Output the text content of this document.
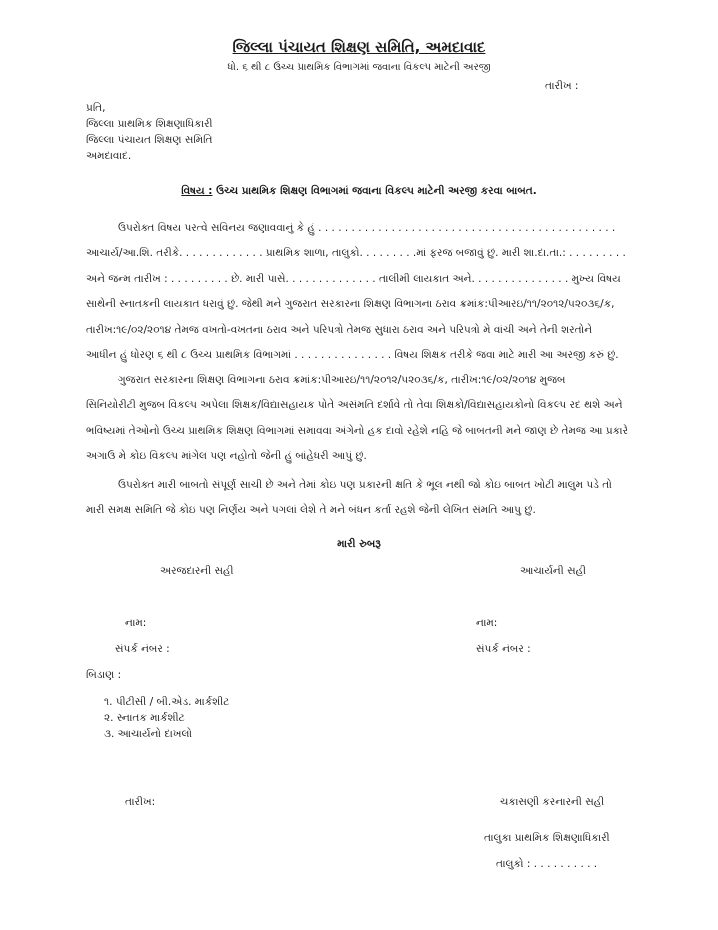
જિલ્લા પંચાયત શિક્ષણ સમિતિ, અમદાવાદ
ધો. ૬ થી ૮ ઉચ્ચ પ્રાથમિક વિભાગમાં જવાના વિકલ્પ માટેની અરજી
તારીખ :
પ્રતિ,
જિલ્લા પ્રાથમિક શિક્ષણાધિકારી
જિલ્લા પંચાયત શિક્ષણ સમિતિ
અમદાવાદ.
વિષય : ઉચ્ચ પ્રાથમિક શિક્ષણ વિભાગમાં જવાના વિકલ્પ માટેની અરજી કરવા બાબત.
ઉપરોક્ત વિષય પરત્વે સવિનય જણાવવાનું કે હું . . . . . . . . . . . . . . . . . . . . . . . . . . . . . . . . . . . . . . . . . . . . .
આચાર્ય/આ.શિ. તરીકે. . . . . . . . . . . . . પ્રાથમિક શાળા, તાલુકો. . . . . . . . .માં ફરજ બજાવું છું. મારી શા.દા.તા.: . . . . . . . . .
અને જન્મ તારીખ : . . . . . . . . . છે. મારી પાસે. . . . . . . . . . . . . . તાલીમી લાયકાત અને. . . . . . . . . . . . . . . મુખ્ય વિષય
સાથેની સ્નાતકની લાયકાત ધરાવું છું. જેથી મને ગુજરાત સરકારના શિક્ષણ વિભાગના ઠરાવ ક્રમાંક:પીઆરઇ/૧૧/૨૦૧૨/૫૨૦૩૬/ક,
તારીખ:૧૯/૦૨/૨૦૧૪ તેમજ વખતો-વખતના ઠરાવ અને પરિપત્રો તેમજ સુધારા ઠરાવ અને પરિપત્રો મે વાંચી અને તેની શરતોને
આધીન હું ધોરણ ૬ થી ૮ ઉચ્ચ પ્રાથમિક વિભાગમાં . . . . . . . . . . . . . . . વિષય શિક્ષક તરીકે જવા માટે મારી આ અરજી કરું છું.
ગુજરાત સરકારના શિક્ષણ વિભાગના ઠરાવ ક્રમાંક:પીઆરઇ/૧૧/૨૦૧૨/૫૨૦૩૬/ક, તારીખ:૧૯/૦૨/૨૦૧૪ મુજબ
સિનિયોરીટી મુજબ વિકલ્પ અપેલા શિક્ષક/વિદ્યાસહાયક પોતે અસંમતિ દર્શાવે તો તેવા શિક્ષકો/વિદ્યાસહાયકોનો વિકલ્પ રદ થશે અને
ભવિષ્યમાં તેઓનો ઉચ્ચ પ્રાથમિક શિક્ષણ વિભાગમાં સમાવવા અંગેનો હક દાવો રહેશે નહિ જે બાબતની મને જાણ છે તેમજ આ પ્રકારે
અગાઉ મે કોઇ વિકલ્પ માંગેલ પણ નહોતો જેની હું બાંહેધરી આપું છું.
ઉપરોક્ત મારી બાબતો સંપૂર્ણ સાચી છે અને તેમાં કોઇ પણ પ્રકારની ક્ષતિ કે ભૂલ નથી જો કોઇ બાબત ખોટી માલુમ પડે તો
મારી સમક્ષ સમિતિ જે કોઇ પણ નિર્ણય અને પગલાં લેશે તે મને બંધન કર્તા રહશે જેની લેખિત સંમતિ આપુ છું.
મારી રુબરૂ
અરજદારની સહી	આચાર્યની સહી
નામ:	નામ:
સંપર્ક નંબર :	સંપર્ક નંબર :
બિડાણ :
૧. પીટીસી / બી.એડ. માર્કશીટ
૨. સ્નાતક માર્કશીટ
૩. આચાર્યનો દાખલો
તારીખ:	ચકાસણી કરનારની સહી
તાલુકા પ્રાથમિક શિક્ષણાધિકારી
તાલુકો : . . . . . . . . . .
